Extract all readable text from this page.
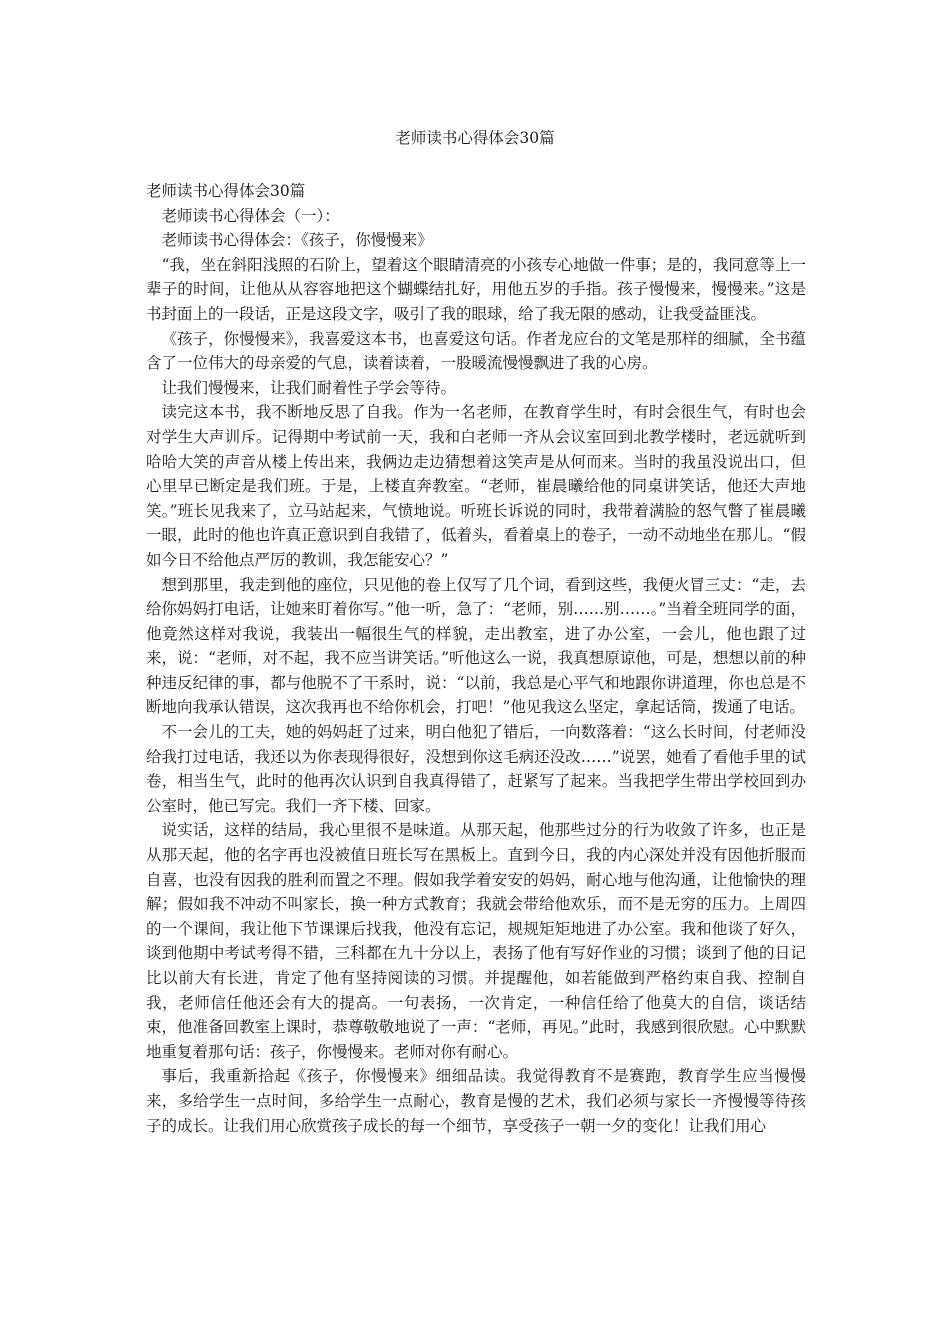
老师读书心得体会30篇

老师读书心得体会30篇

老师读书心得体会（一）：

老师读书心得体会：《孩子，你慢慢来》

“我，坐在斜阳浅照的石阶上，望着这个眼睛清亮的小孩专心地做一件事；是的，我同意等上一辈子的时间，让他从从容容地把这个蝴蝶结扎好，用他五岁的手指。孩子慢慢来，慢慢来。”这是书封面上的一段话，正是这段文字，吸引了我的眼球，给了我无限的感动，让我受益匪浅。

《孩子，你慢慢来》，我喜爱这本书，也喜爱这句话。作者龙应台的文笔是那样的细腻，全书蕴含了一位伟大的母亲爱的气息，读着读着，一股暖流慢慢飘进了我的心房。

让我们慢慢来，让我们耐着性子学会等待。

读完这本书，我不断地反思了自我。作为一名老师，在教育学生时，有时会很生气，有时也会对学生大声训斥。记得期中考试前一天，我和白老师一齐从会议室回到北教学楼时，老远就听到哈哈大笑的声音从楼上传出来，我俩边走边猜想着这笑声是从何而来。当时的我虽没说出口，但心里早已断定是我们班。于是，上楼直奔教室。“老师，崔晨曦给他的同桌讲笑话，他还大声地笑。”班长见我来了，立马站起来，气愤地说。听班长诉说的同时，我带着满脸的怒气瞥了崔晨曦一眼，此时的他也许真正意识到自我错了，低着头，看着桌上的卷子，一动不动地坐在那儿。“假如今日不给他点严厉的教训，我怎能安心？”

想到那里，我走到他的座位，只见他的卷上仅写了几个词，看到这些，我便火冒三丈：“走，去给你妈妈打电话，让她来盯着你写。”他一听，急了：“老师，别……别……。”当着全班同学的面，他竟然这样对我说，我装出一幅很生气的样貌，走出教室，进了办公室，一会儿，他也跟了过来，说：“老师，对不起，我不应当讲笑话。”听他这么一说，我真想原谅他，可是，想想以前的种种违反纪律的事，都与他脱不了干系时，说：“以前，我总是心平气和地跟你讲道理，你也总是不断地向我承认错误，这次我再也不给你机会，打吧！”他见我这么坚定，拿起话筒，拨通了电话。

不一会儿的工夫，她的妈妈赶了过来，明白他犯了错后，一向数落着：“这么长时间，付老师没给我打过电话，我还以为你表现得很好，没想到你这毛病还没改……”说罢，她看了看他手里的试卷，相当生气，此时的他再次认识到自我真得错了，赶紧写了起来。当我把学生带出学校回到办公室时，他已写完。我们一齐下楼、回家。

说实话，这样的结局，我心里很不是味道。从那天起，他那些过分的行为收敛了许多，也正是从那天起，他的名字再也没被值日班长写在黑板上。直到今日，我的内心深处并没有因他折服而自喜，也没有因我的胜利而置之不理。假如我学着安安的妈妈，耐心地与他沟通，让他愉快的理解；假如我不冲动不叫家长，换一种方式教育；我就会带给他欢乐，而不是无穷的压力。上周四的一个课间，我让他下节课课后找我，他没有忘记，规规矩矩地进了办公室。我和他谈了好久，谈到他期中考试考得不错，三科都在九十分以上，表扬了他有写好作业的习惯；谈到了他的日记比以前大有长进，肯定了他有坚持阅读的习惯。并提醒他，如若能做到严格约束自我、控制自我，老师信任他还会有大的提高。一句表扬，一次肯定，一种信任给了他莫大的自信，谈话结束，他准备回教室上课时，恭尊敬敬地说了一声：“老师，再见。”此时，我感到很欣慰。心中默默地重复着那句话：孩子，你慢慢来。老师对你有耐心。

事后，我重新拾起《孩子，你慢慢来》细细品读。我觉得教育不是赛跑，教育学生应当慢慢来，多给学生一点时间，多给学生一点耐心，教育是慢的艺术，我们必须与家长一齐慢慢等待孩子的成长。让我们用心欣赏孩子成长的每一个细节，享受孩子一朝一夕的变化！让我们用心
